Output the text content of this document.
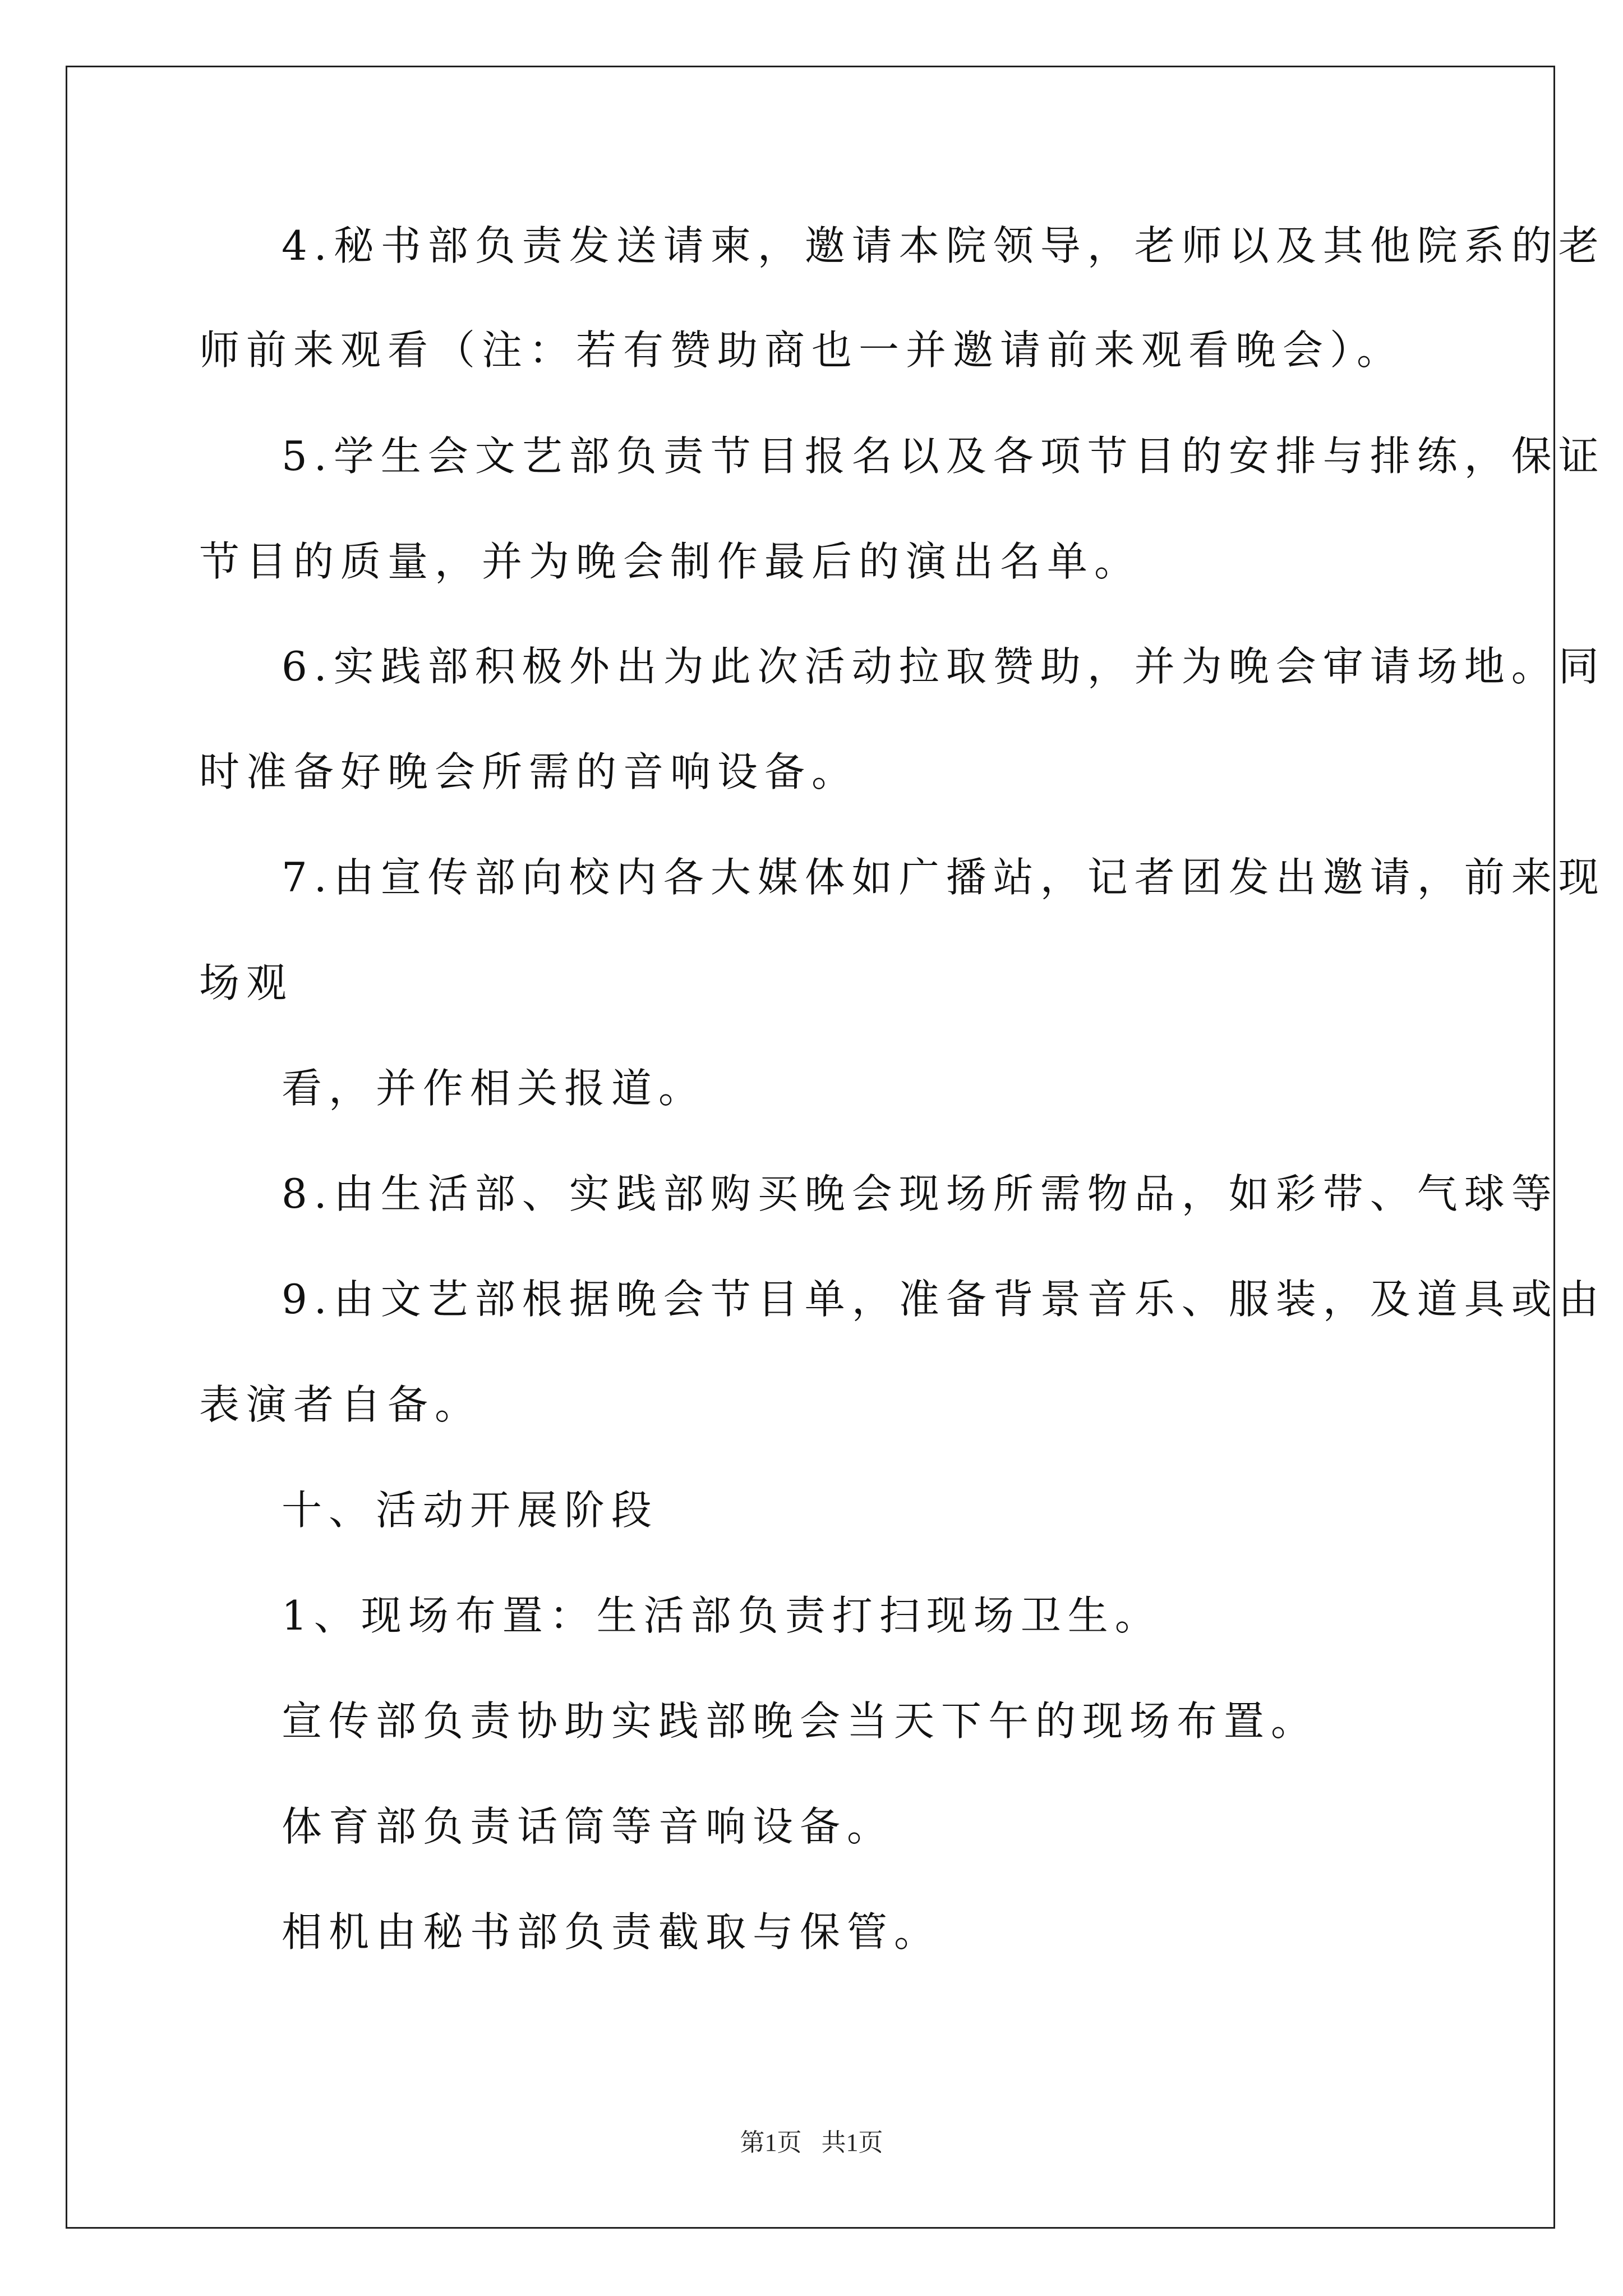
4.秘书部负责发送请柬，邀请本院领导，老师以及其他院系的老
师前来观看（注：若有赞助商也一并邀请前来观看晚会）。
5.学生会文艺部负责节目报名以及各项节目的安排与排练，保证
节目的质量，并为晚会制作最后的演出名单。
6.实践部积极外出为此次活动拉取赞助，并为晚会审请场地。同
时准备好晚会所需的音响设备。
7.由宣传部向校内各大媒体如广播站，记者团发出邀请，前来现
场观
看，并作相关报道。
8.由生活部、实践部购买晚会现场所需物品，如彩带、气球等
9.由文艺部根据晚会节目单，准备背景音乐、服装，及道具或由
表演者自备。
十、活动开展阶段
1、现场布置：生活部负责打扫现场卫生。
宣传部负责协助实践部晚会当天下午的现场布置。
体育部负责话筒等音响设备。
相机由秘书部负责截取与保管。
第1页 共1页
